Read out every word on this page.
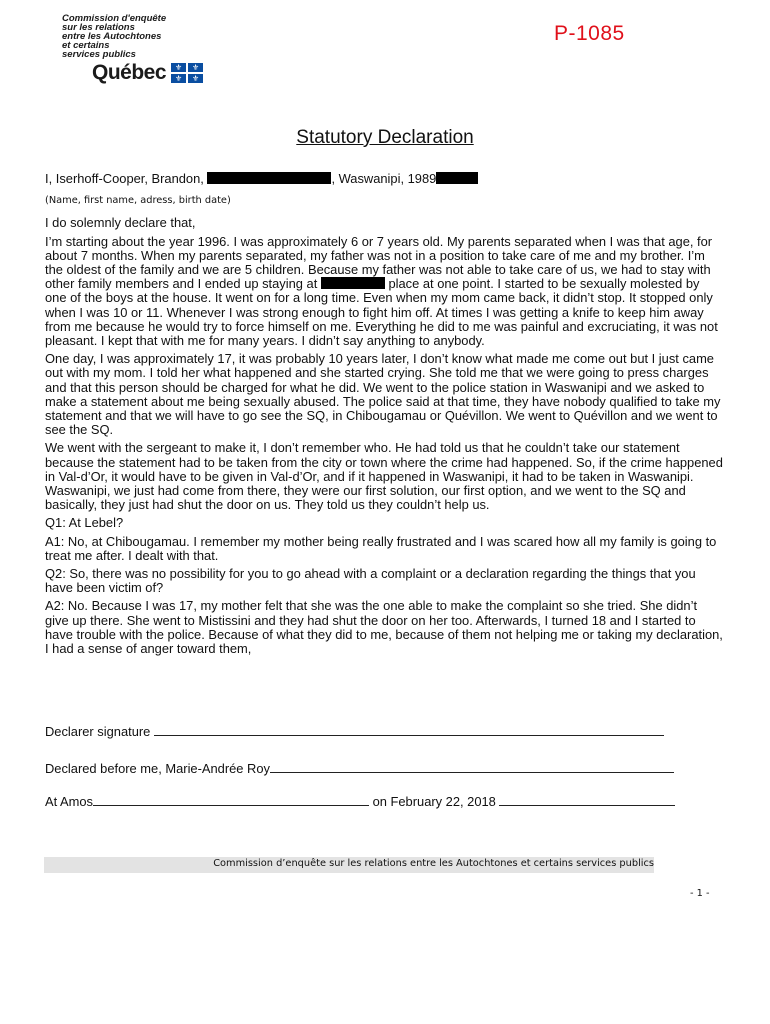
Commission d'enquête
sur les relations
entre les Autochtones
et certains
services publics
Québec	⚜	⚜
⚜	⚜
P-1085
Statutory Declaration

I, Iserhoff-Cooper, Brandon,	, Waswanipi, 1989

(Name, first name, adress, birth date)

I do solemnly declare that,

I’m starting about the year 1996. I was approximately 6 or 7 years old. My parents separated when I was that age, for about 7 months. When my parents separated, my father was not in a position to take care of me and my brother. I’m the oldest of the family and we are 5 children. Because my father was not able to take care of us, we had to stay with other family members and I ended up staying at	place at one point. I started to be sexually molested by one of the boys at the house. It went on for a long time. Even when my mom came back, it didn’t stop. It stopped only when I was 10 or 11. Whenever I was strong enough to fight him off. At times I was getting a knife to keep him away from me because he would try to force himself on me. Everything he did to me was painful and excruciating, it was not pleasant. I kept that with me for many years. I didn’t say anything to anybody.

One day, I was approximately 17, it was probably 10 years later, I don’t know what made me come out but I just came out with my mom. I told her what happened and she started crying. She told me that we were going to press charges and that this person should be charged for what he did. We went to the police station in Waswanipi and we asked to make a statement about me being sexually abused. The police said at that time, they have nobody qualified to take my statement and that we will have to go see the SQ, in Chibougamau or Quévillon. We went to Quévillon and we went to see the SQ.

We went with the sergeant to make it, I don’t remember who. He had told us that he couldn’t take our statement because the statement had to be taken from the city or town where the crime had happened. So, if the crime happened in Val-d’Or, it would have to be given in Val-d’Or, and if it happened in Waswanipi, it had to be taken in Waswanipi. Waswanipi, we just had come from there, they were our first solution, our first option, and we went to the SQ and basically, they just had shut the door on us. They told us they couldn’t help us.

Q1: At Lebel?

A1: No, at Chibougamau. I remember my mother being really frustrated and I was scared how all my family is going to treat me after. I dealt with that.

Q2: So, there was no possibility for you to go ahead with a complaint or a declaration regarding the things that you have been victim of?

A2: No. Because I was 17, my mother felt that she was the one able to make the complaint so she tried. She didn’t give up there. She went to Mistissini and they had shut the door on her too. Afterwards, I turned 18 and I started to have trouble with the police. Because of what they did to me, because of them not helping me or taking my declaration, I had a sense of anger toward them,

Declarer signature
Declared before me, Marie-Andrée Roy
At Amos	on February 22, 2018
Commission d’enquête sur les relations entre les Autochtones et certains services publics
- 1 -
